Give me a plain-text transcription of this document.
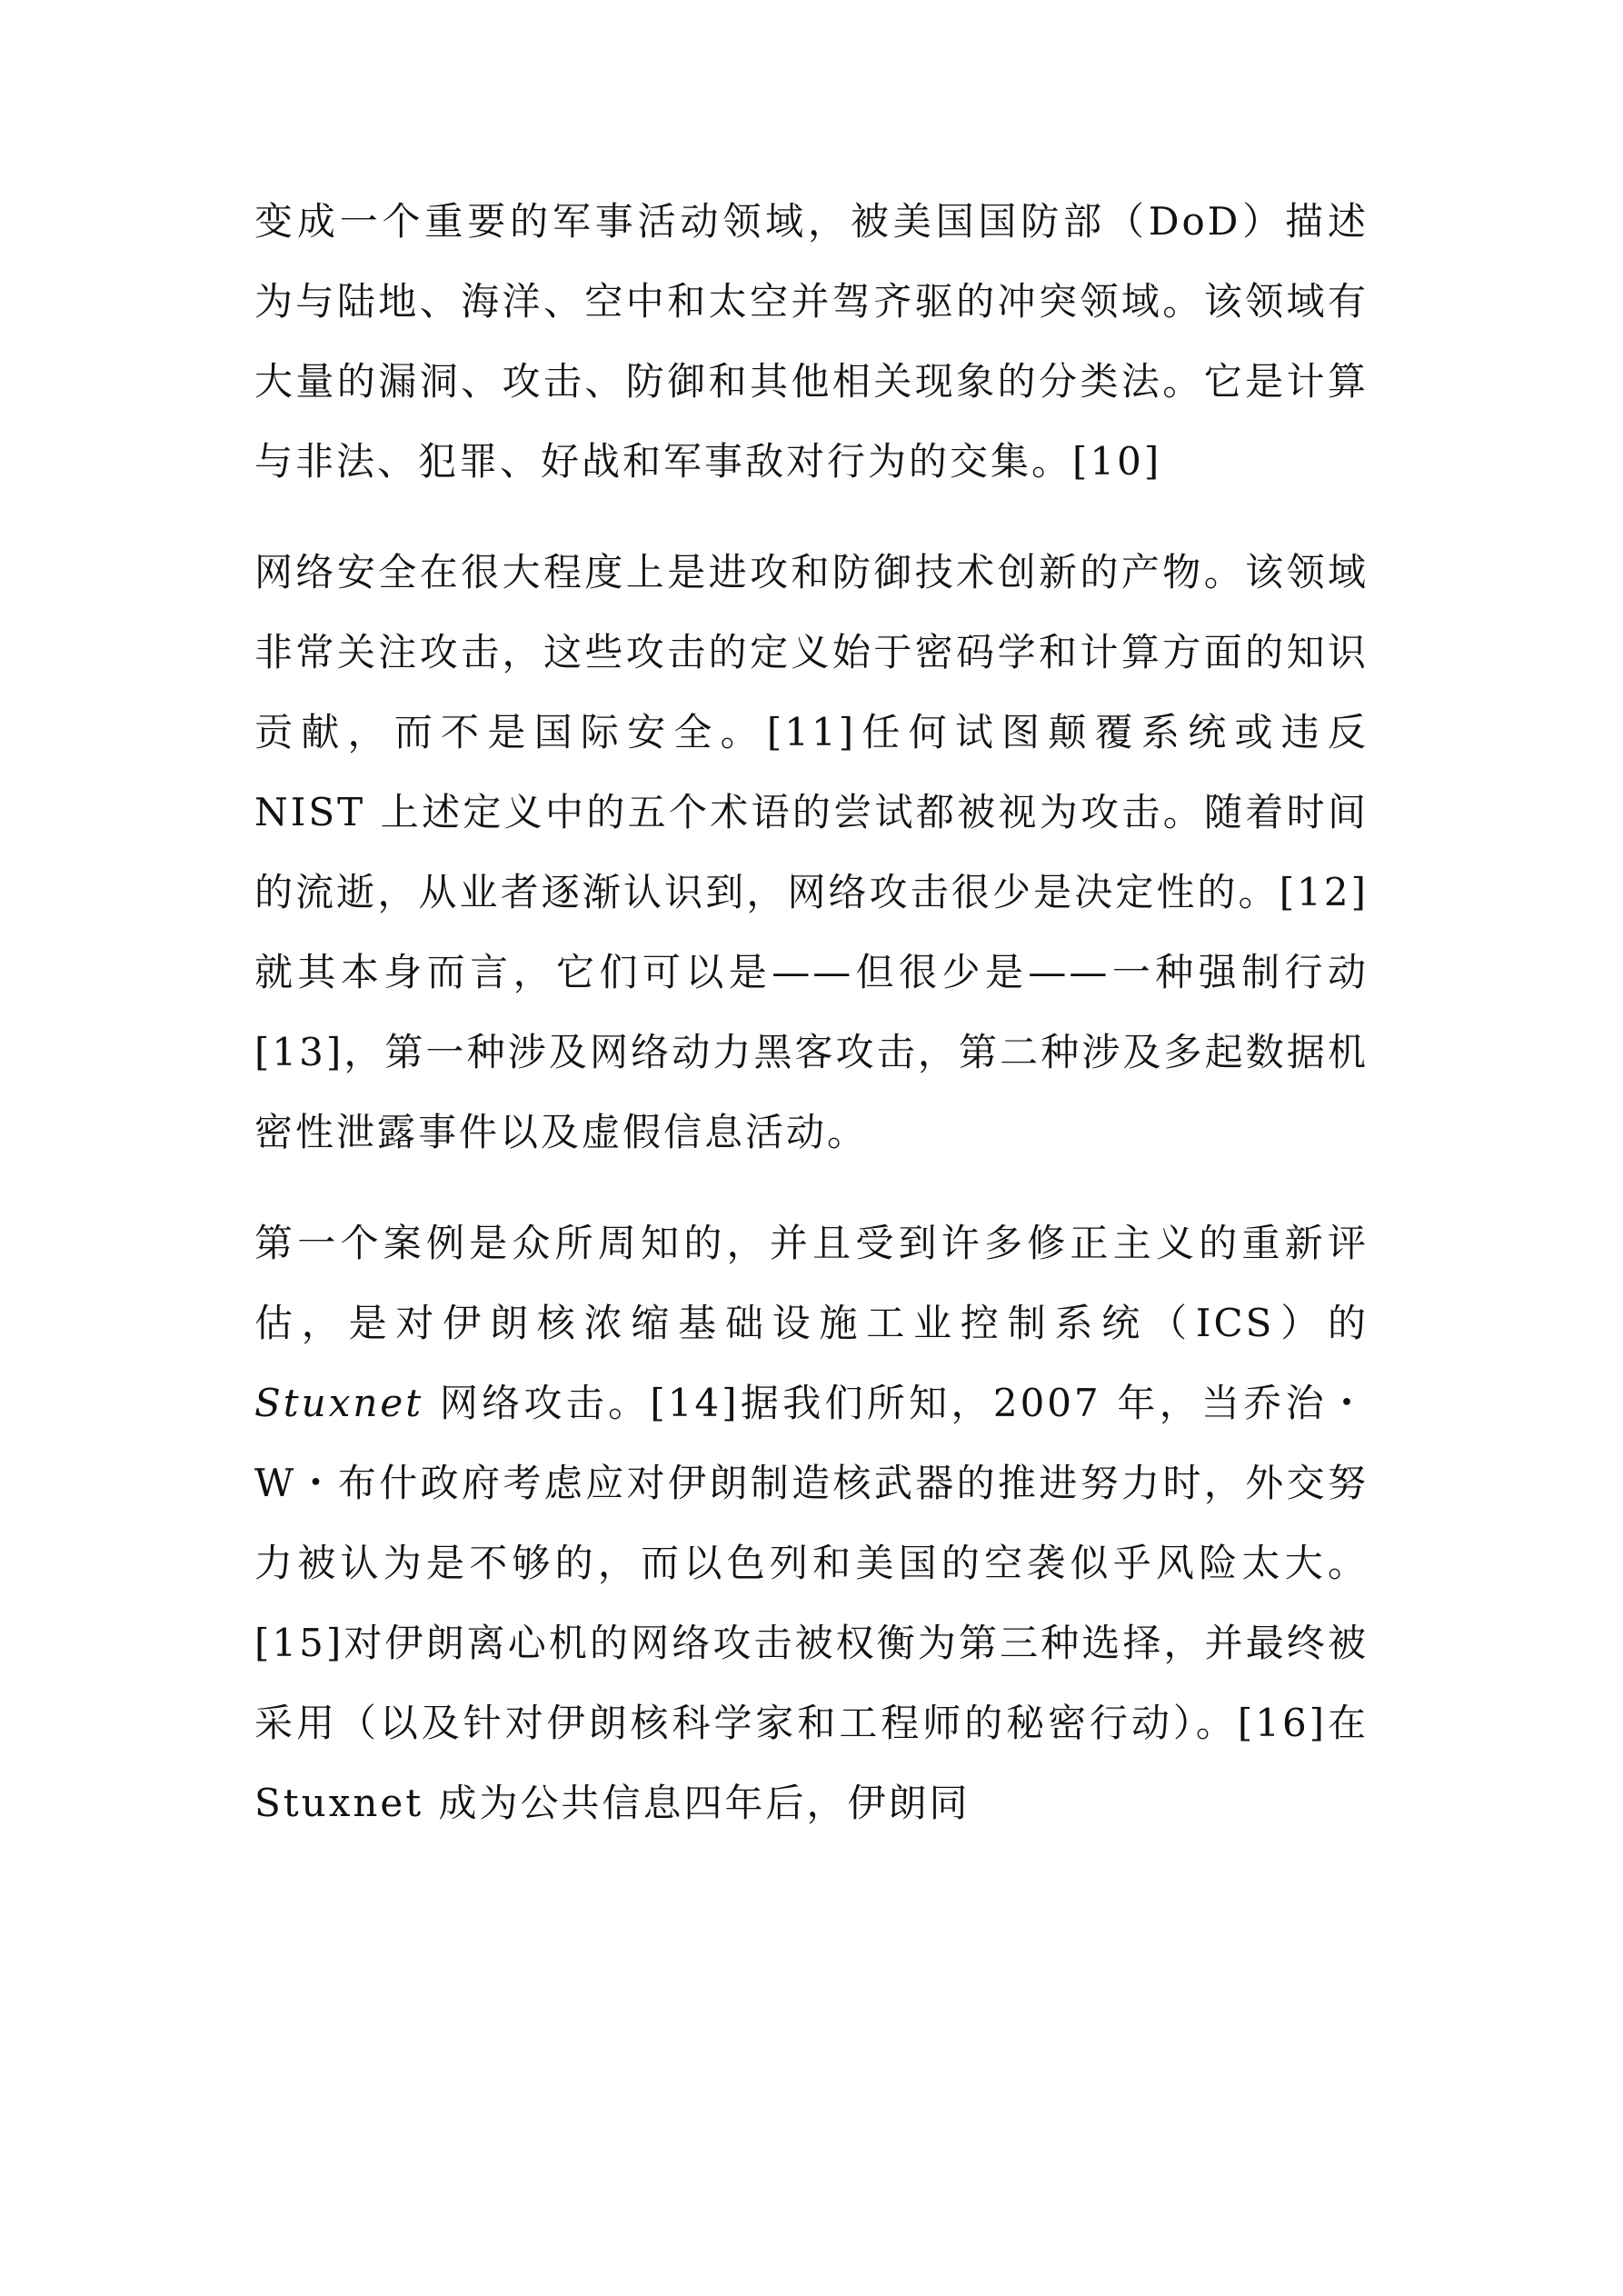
变成一个重要的军事活动领域，被美国国防部（DoD）描述为与陆地、海洋、空中和太空并驾齐驱的冲突领域。该领域有大量的漏洞、攻击、防御和其他相关现象的分类法。它是计算与非法、犯罪、好战和军事敌对行为的交集。[10]

网络安全在很大程度上是进攻和防御技术创新的产物。该领域非常关注攻击，这些攻击的定义始于密码学和计算方面的知识贡献，而不是国际安全。[11]任何试图颠覆系统或违反 NIST 上述定义中的五个术语的尝试都被视为攻击。随着时间的流逝，从业者逐渐认识到，网络攻击很少是决定性的。[12]就其本身而言，它们可以是——但很少是——一种强制行动[13]，第一种涉及网络动力黑客攻击，第二种涉及多起数据机密性泄露事件以及虚假信息活动。

第一个案例是众所周知的，并且受到许多修正主义的重新评估，是对伊朗核浓缩基础设施工业控制系统（ICS）的Stuxnet 网络攻击。[14]据我们所知，2007 年，当乔治・W・布什政府考虑应对伊朗制造核武器的推进努力时，外交努力被认为是不够的，而以色列和美国的空袭似乎风险太大。[15]对伊朗离心机的网络攻击被权衡为第三种选择，并最终被采用（以及针对伊朗核科学家和工程师的秘密行动）。[16]在 Stuxnet 成为公共信息四年后，伊朗同
